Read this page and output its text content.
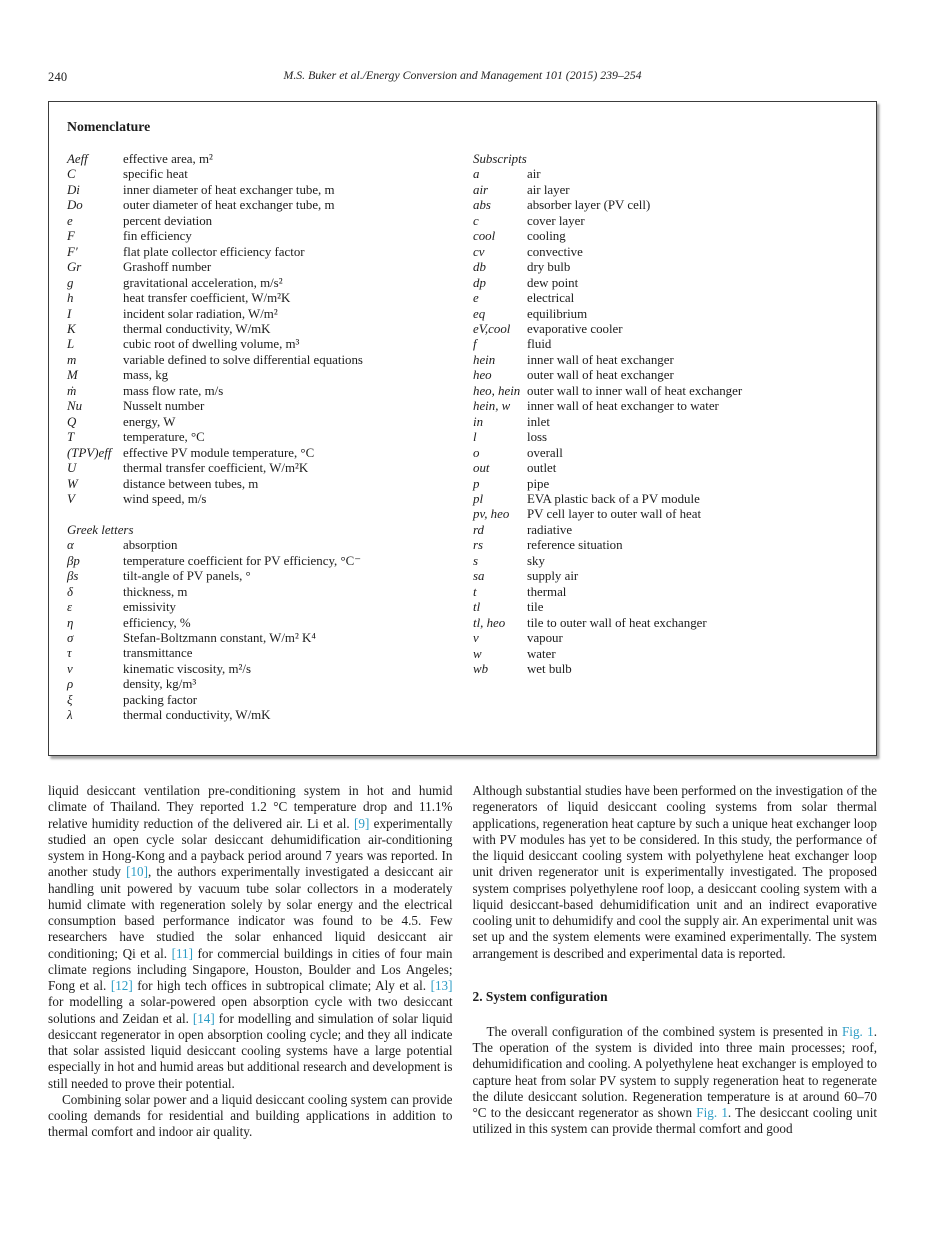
240	M.S. Buker et al./Energy Conversion and Management 101 (2015) 239–254
Nomenclature
Aeff	effective area, m²
C	specific heat
Di	inner diameter of heat exchanger tube, m
Do	outer diameter of heat exchanger tube, m
e	percent deviation
F	fin efficiency
F′	flat plate collector efficiency factor
Gr	Grashoff number
g	gravitational acceleration, m/s²
h	heat transfer coefficient, W/m²K
I	incident solar radiation, W/m²
K	thermal conductivity, W/mK
L	cubic root of dwelling volume, m³
m	variable defined to solve differential equations
M	mass, kg
ṁ	mass flow rate, m/s
Nu	Nusselt number
Q	energy, W
T	temperature, °C
(TPV)eff effective PV module temperature, °C
U	thermal transfer coefficient, W/m²K
W	distance between tubes, m
V	wind speed, m/s
Greek letters
α	absorption
βp	temperature coefficient for PV efficiency, °C⁻
βs	tilt-angle of PV panels, °
δ	thickness, m
ε	emissivity
η	efficiency, %
σ	Stefan-Boltzmann constant, W/m² K⁴
τ	transmittance
ν	kinematic viscosity, m²/s
ρ	density, kg/m³
ξ	packing factor
λ	thermal conductivity, W/mK
Subscripts
a	air
air	air layer
abs	absorber layer (PV cell)
c	cover layer
cool	cooling
cv	convective
db	dry bulb
dp	dew point
e	electrical
eq	equilibrium
eV,cool	evaporative cooler
f	fluid
hein	inner wall of heat exchanger
heo	outer wall of heat exchanger
heo, hein outer wall to inner wall of heat exchanger
hein, w	inner wall of heat exchanger to water
in	inlet
l	loss
o	overall
out	outlet
p	pipe
pl	EVA plastic back of a PV module
pv, heo	PV cell layer to outer wall of heat
rd	radiative
rs	reference situation
s	sky
sa	supply air
t	thermal
tl	tile
tl, heo	tile to outer wall of heat exchanger
v	vapour
w	water
wb	wet bulb

liquid desiccant ventilation pre-conditioning system in hot and humid climate of Thailand. They reported 1.2 °C temperature drop and 11.1% relative humidity reduction of the delivered air. Li et al. [9] experimentally studied an open cycle solar desiccant dehumidification air-conditioning system in Hong-Kong and a payback period around 7 years was reported. In another study [10], the authors experimentally investigated a desiccant air handling unit powered by vacuum tube solar collectors in a moderately humid climate with regeneration solely by solar energy and the electrical consumption based performance indicator was found to be 4.5. Few researchers have studied the solar enhanced liquid desiccant air conditioning; Qi et al. [11] for commercial buildings in cities of four main climate regions including Singapore, Houston, Boulder and Los Angeles; Fong et al. [12] for high tech offices in subtropical climate; Aly et al. [13] for modelling a solar-powered open absorption cycle with two desiccant solutions and Zeidan et al. [14] for modelling and simulation of solar liquid desiccant regenerator in open absorption cooling cycle; and they all indicate that solar assisted liquid desiccant cooling systems have a large potential especially in hot and humid areas but additional research and development is still needed to prove their potential.

Combining solar power and a liquid desiccant cooling system can provide cooling demands for residential and building applications in addition to thermal comfort and indoor air quality.

Although substantial studies have been performed on the investigation of the regenerators of liquid desiccant cooling systems from solar thermal applications, regeneration heat capture by such a unique heat exchanger loop with PV modules has yet to be considered. In this study, the performance of the liquid desiccant cooling system with polyethylene heat exchanger loop unit driven regenerator unit is experimentally investigated. The proposed system comprises polyethylene roof loop, a desiccant cooling system with a liquid desiccant-based dehumidification unit and an indirect evaporative cooling unit to dehumidify and cool the supply air. An experimental unit was set up and the system elements were examined experimentally. The system arrangement is described and experimental data is reported.

2. System configuration

The overall configuration of the combined system is presented in Fig. 1. The operation of the system is divided into three main processes; roof, dehumidification and cooling. A polyethylene heat exchanger is employed to capture heat from solar PV system to supply regeneration heat to regenerate the dilute desiccant solution. Regeneration temperature is at around 60–70 °C to the desiccant regenerator as shown Fig. 1. The desiccant cooling unit utilized in this system can provide thermal comfort and good
